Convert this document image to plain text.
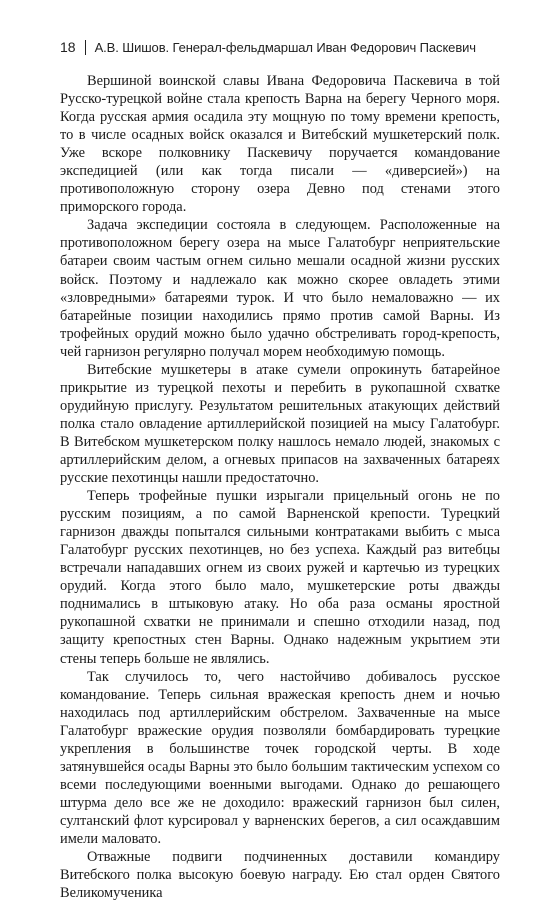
18 А.В. Шишов. Генерал-фельдмаршал Иван Федорович Паскевич

Вершиной воинской славы Ивана Федоровича Паскевича в той Русско-турецкой войне стала крепость Варна на берегу Черного моря. Когда русская армия осадила эту мощную по тому времени крепость, то в числе осадных войск оказался и Витебский мушкетерский полк. Уже вскоре полковнику Паскевичу поручается командование экспедицией (или как тогда писали — «диверсией») на противоположную сторону озера Девно под стенами этого приморского города.

Задача экспедиции состояла в следующем. Расположенные на противоположном берегу озера на мысе Галатобург неприятельские батареи своим частым огнем сильно мешали осадной жизни русских войск. Поэтому и надлежало как можно скорее овладеть этими «зловредными» батареями турок. И что было немаловажно — их батарейные позиции находились прямо против самой Варны. Из трофейных орудий можно было удачно обстреливать город-крепость, чей гарнизон регулярно получал морем необходимую помощь.

Витебские мушкетеры в атаке сумели опрокинуть батарейное прикрытие из турецкой пехоты и перебить в рукопашной схватке орудийную прислугу. Результатом решительных атакующих действий полка стало овладение артиллерийской позицией на мысу Галатобург. В Витебском мушкетерском полку нашлось немало людей, знакомых с артиллерийским делом, а огневых припасов на захваченных батареях русские пехотинцы нашли предостаточно.

Теперь трофейные пушки изрыгали прицельный огонь не по русским позициям, а по самой Варненской крепости. Турецкий гарнизон дважды попытался сильными контратаками выбить с мыса Галатобург русских пехотинцев, но без успеха. Каждый раз витебцы встречали нападавших огнем из своих ружей и картечью из турецких орудий. Когда этого было мало, мушкетерские роты дважды поднимались в штыковую атаку. Но оба раза османы яростной рукопашной схватки не принимали и спешно отходили назад, под защиту крепостных стен Варны. Однако надежным укрытием эти стены теперь больше не являлись.

Так случилось то, чего настойчиво добивалось русское командование. Теперь сильная вражеская крепость днем и ночью находилась под артиллерийским обстрелом. Захваченные на мысе Галатобург вражеские орудия позволяли бомбардировать турецкие укрепления в большинстве точек городской черты. В ходе затянувшейся осады Варны это было большим тактическим успехом со всеми последующими военными выгодами. Однако до решающего штурма дело все же не доходило: вражеский гарнизон был силен, султанский флот курсировал у варненских берегов, а сил осаждавшим имели маловато.

Отважные подвиги подчиненных доставили командиру Витебского полка высокую боевую награду. Ею стал орден Святого Великомученика
